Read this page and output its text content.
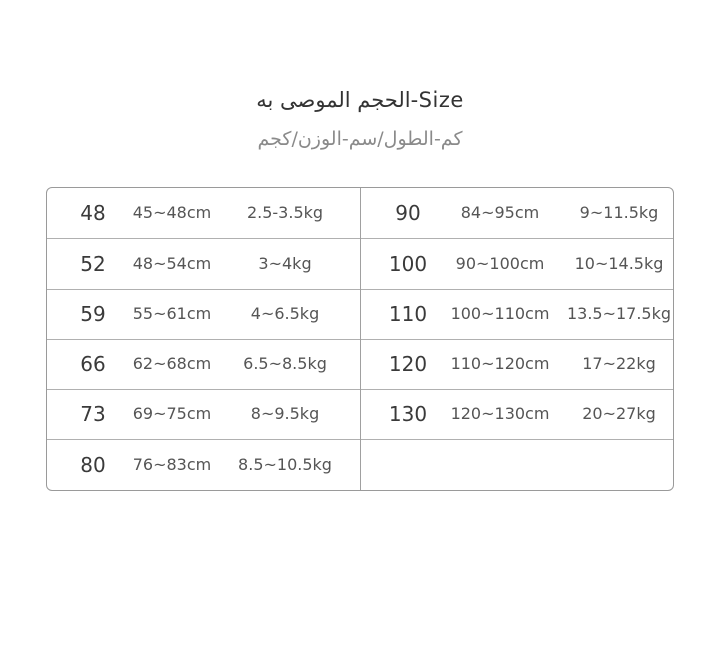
Size-الحجم الموصى به
كم-الطول/سم-الوزن/كجم
48	45~48cm	2.5-3.5kg
52	48~54cm	3~4kg
59	55~61cm	4~6.5kg
66	62~68cm	6.5~8.5kg
73	69~75cm	8~9.5kg
80	76~83cm	8.5~10.5kg
90	84~95cm	9~11.5kg
100	90~100cm	10~14.5kg
110	100~110cm	13.5~17.5kg
120	110~120cm	17~22kg
130	120~130cm	20~27kg
